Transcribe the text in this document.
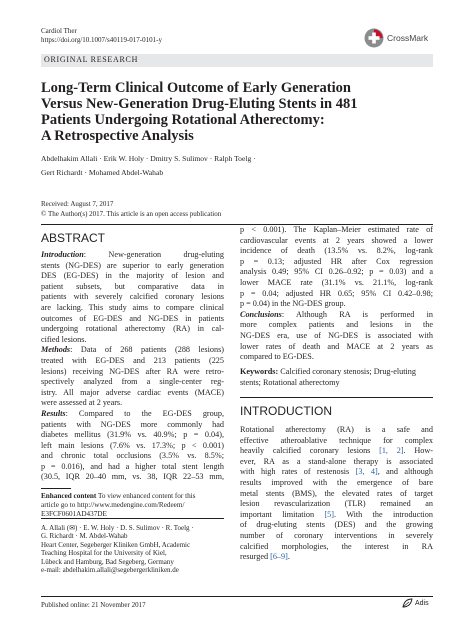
Cardiol Ther
https://doi.org/10.1007/s40119-017-0101-y	CrossMark
ORIGINAL RESEARCH
Long-Term Clinical Outcome of Early Generation
Versus New-Generation Drug-Eluting Stents in 481
Patients Undergoing Rotational Atherectomy:
A Retrospective Analysis
Abdelhakim Allali · Erik W. Holy · Dmitry S. Sulimov · Ralph Toelg ·
Gert Richardt · Mohamed Abdel-Wahab
Received: August 7, 2017
© The Author(s) 2017. This article is an open access publication
ABSTRACT
Introduction: New-generation drug-eluting
stents (NG-DES) are superior to early generation
DES (EG-DES) in the majority of lesion and
patient subsets, but comparative data in
patients with severely calcified coronary lesions
are lacking. This study aims to compare clinical
outcomes of EG-DES and NG-DES in patients
undergoing rotational atherectomy (RA) in cal-
cified lesions.
Methods: Data of 268 patients (288 lesions)
treated with EG-DES and 213 patients (225
lesions) receiving NG-DES after RA were retro-
spectively analyzed from a single-center reg-
istry. All major adverse cardiac events (MACE)
were assessed at 2 years.
Results: Compared to the EG-DES group,
patients with NG-DES more commonly had
diabetes mellitus (31.9% vs. 40.9%; p = 0.04),
left main lesions (7.6% vs. 17.3%; p < 0.001)
and chronic total occlusions (3.5% vs. 8.5%;
p = 0.016), and had a higher total stent length
(30.5, IQR 20–40 mm, vs. 38, IQR 22–53 mm,
p < 0.001). The Kaplan–Meier estimated rate of
cardiovascular events at 2 years showed a lower
incidence of death (13.5% vs. 8.2%, log-rank
p = 0.13; adjusted HR after Cox regression
analysis 0.49; 95% CI 0.26–0.92; p = 0.03) and a
lower MACE rate (31.1% vs. 21.1%, log-rank
p = 0.04; adjusted HR 0.65; 95% CI 0.42–0.98;
p = 0.04) in the NG-DES group.
Conclusions: Although RA is performed in
more complex patients and lesions in the
NG-DES era, use of NG-DES is associated with
lower rates of death and MACE at 2 years as
compared to EG-DES.
Keywords: Calcified coronary stenosis; Drug-eluting stents; Rotational atherectomy
INTRODUCTION
Rotational atherectomy (RA) is a safe and
effective atheroablative technique for complex
heavily calcified coronary lesions [1, 2]. How-
ever, RA as a stand-alone therapy is associated
with high rates of restenosis [3, 4], and although
results improved with the emergence of bare
metal stents (BMS), the elevated rates of target
lesion revascularization (TLR) remained an
important limitation [5]. With the introduction
of drug-eluting stents (DES) and the growing
number of coronary interventions in severely
calcified morphologies, the interest in RA
resurged [6–9].
Enhanced content To view enhanced content for this
article go to http://www.medengine.com/Redeem/
E3FCF0601AD437DE
A. Allali (✉) · E. W. Holy · D. S. Sulimov · R. Toelg ·
G. Richardt · M. Abdel-Wahab
Heart Center, Segeberger Kliniken GmbH, Academic
Teaching Hospital for the University of Kiel,
Lübeck and Hamburg, Bad Segeberg, Germany
e-mail: abdelhakim.allali@segebergerkliniken.de
Published online: 21 November 2017	Adis
